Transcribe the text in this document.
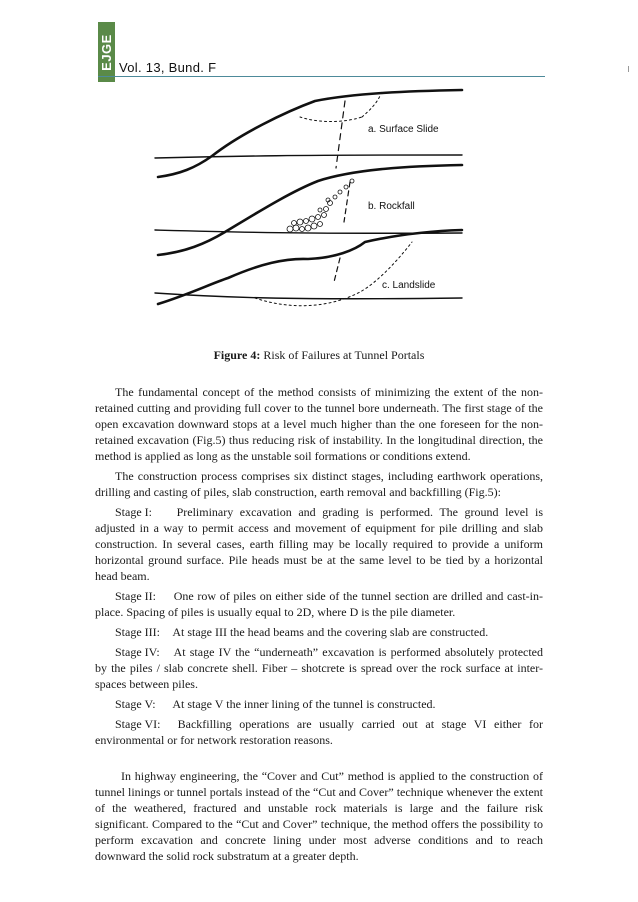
EJGE Vol. 13, Bund. F
a. Surface Slide
b. Rockfall
c. Landslide
Figure 4: Risk of Failures at Tunnel Portals

The fundamental concept of the method consists of minimizing the extent of the non-retained cutting and providing full cover to the tunnel bore underneath. The first stage of the open excavation downward stops at a level much higher than the one foreseen for the non-retained excavation (Fig.5) thus reducing risk of instability. In the longitudinal direction, the method is applied as long as the unstable soil formations or conditions extend.

The construction process comprises six distinct stages, including earthwork operations, drilling and casting of piles, slab construction, earth removal and backfilling (Fig.5):

Stage I: Preliminary excavation and grading is performed. The ground level is adjusted in a way to permit access and movement of equipment for pile drilling and slab construction. In several cases, earth filling may be locally required to provide a uniform horizontal ground surface. Pile heads must be at the same level to be tied by a horizontal head beam.

Stage II: One row of piles on either side of the tunnel section are drilled and cast-in-place. Spacing of piles is usually equal to 2D, where D is the pile diameter.

Stage III: At stage III the head beams and the covering slab are constructed.

Stage IV: At stage IV the “underneath” excavation is performed absolutely protected by the piles / slab concrete shell. Fiber – shotcrete is spread over the rock surface at inter-spaces between piles.

Stage V: At stage V the inner lining of the tunnel is constructed.

Stage VI: Backfilling operations are usually carried out at stage VI either for environmental or for network restoration reasons.

In highway engineering, the “Cover and Cut” method is applied to the construction of tunnel linings or tunnel portals instead of the “Cut and Cover” technique whenever the extent of the weathered, fractured and unstable rock materials is large and the failure risk significant. Compared to the “Cut and Cover” technique, the method offers the possibility to perform excavation and concrete lining under most adverse conditions and to reach downward the solid rock substratum at a greater depth.
